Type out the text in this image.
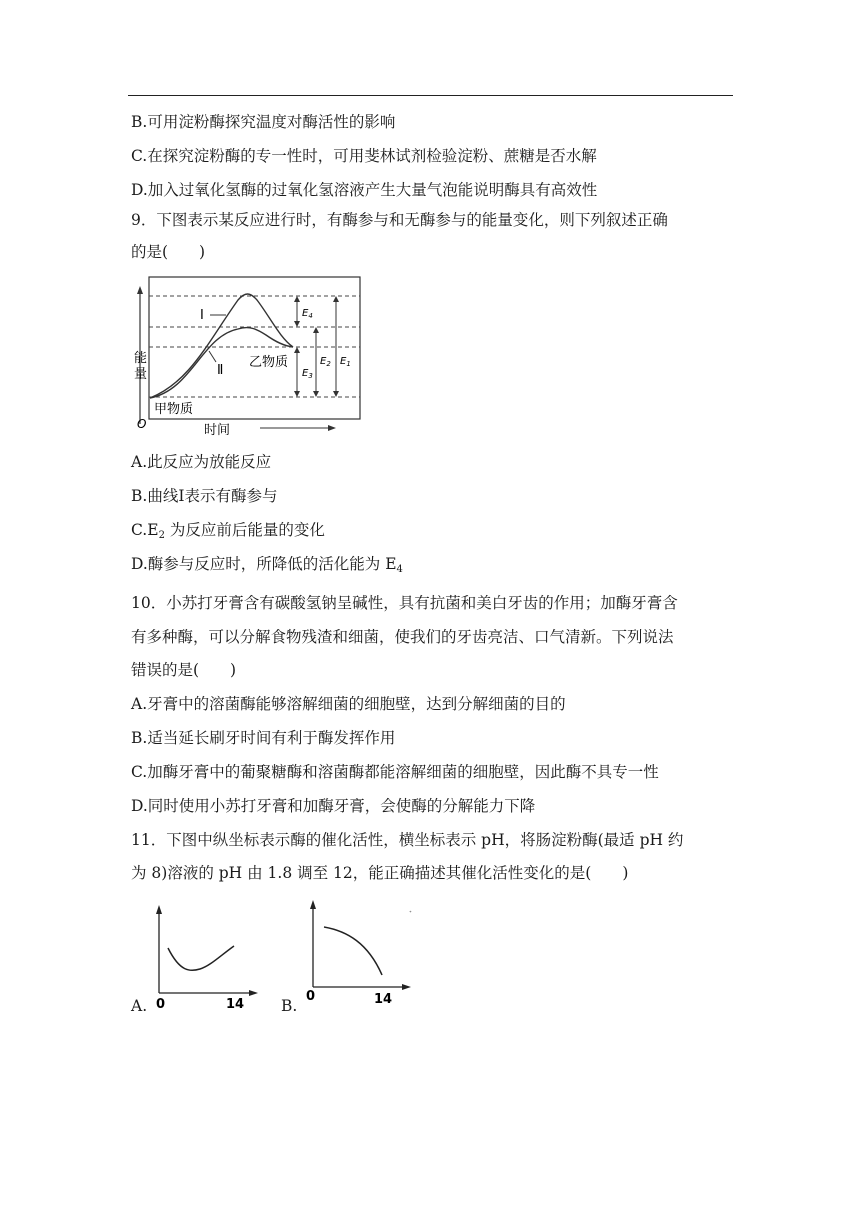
B.可用淀粉酶探究温度对酶活性的影响
C.在探究淀粉酶的专一性时，可用斐林试剂检验淀粉、蔗糖是否水解
D.加入过氧化氢酶的过氧化氢溶液产生大量气泡能说明酶具有高效性
9．下图表示某反应进行时，有酶参与和无酶参与的能量变化，则下列叙述正确
的是(　　)
Ⅰ
Ⅱ
乙物质
甲物质
能
量
O	时间
$E_4$
$E_3$
$E_2$ $E_1$
A.此反应为放能反应
B.曲线Ⅰ表示有酶参与
$C.E_2$ 为反应前后能量的变化
D.酶参与反应时，所降低的活化能为 $E_4$
10．小苏打牙膏含有碳酸氢钠呈碱性，具有抗菌和美白牙齿的作用；加酶牙膏含
有多种酶，可以分解食物残渣和细菌，使我们的牙齿亮洁、口气清新。下列说法
错误的是(　　)
A.牙膏中的溶菌酶能够溶解细菌的细胞壁，达到分解细菌的目的
B.适当延长刷牙时间有利于酶发挥作用
C.加酶牙膏中的葡聚糖酶和溶菌酶都能溶解细菌的细胞壁，因此酶不具专一性
D.同时使用小苏打牙膏和加酶牙膏，会使酶的分解能力下降
11．下图中纵坐标表示酶的催化活性，横坐标表示 pH，将肠淀粉酶(最适 pH 约
为 8)溶液的 pH 由 1.8 调至 12，能正确描述其催化活性变化的是(　　)
A. 0	14 B.
0	14
ᐩ
